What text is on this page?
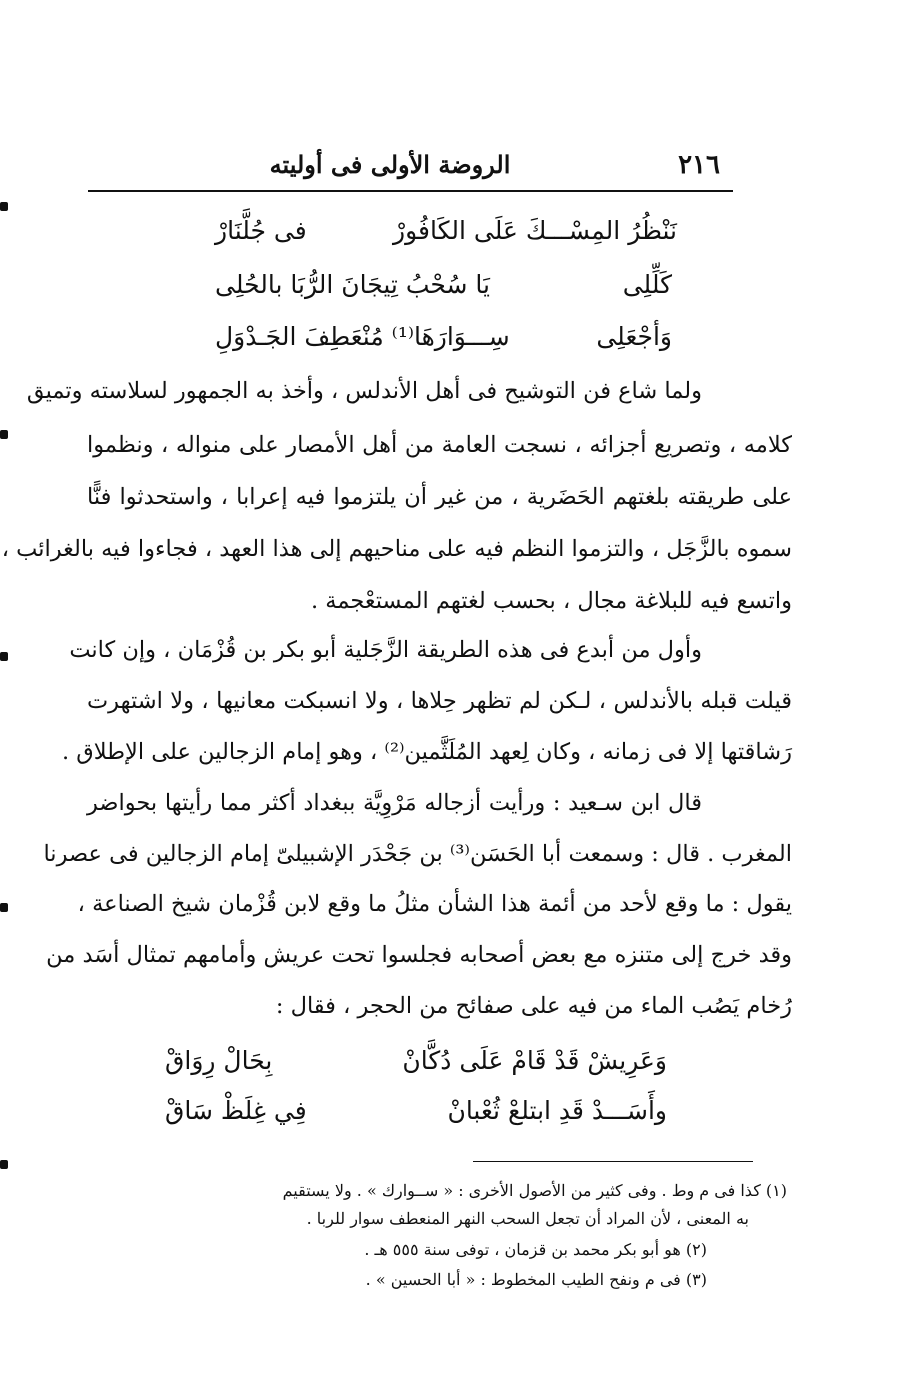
٢١٦
الروضة الأولى فى أوليته
نَنْظُرُ المِسْـــكَ عَلَى الكَافُورْ
فى جُلَّنَارْ
كَلِّلِى
يَا سُحْبُ تِيجَانَ الرُّبَا بالحُلِى
وَأجْعَلِى
سِـــوَارَهَا⁽¹⁾ مُنْعَطِفَ الجَـدْوَلِ
ولما شاع فن التوشيح فى أهل الأندلس ، وأخذ به الجمهور لسلاسته وتميق
كلامه ، وتصريع أجزائه ، نسجت العامة من أهل الأمصار على منواله ، ونظموا
على طريقته بلغتهم الحَضَرية ، من غير أن يلتزموا فيه إعرابا ، واستحدثوا فنًّا
سموه بالزَّجَل ، والتزموا النظم فيه على مناحيهم إلى هذا العهد ، فجاءوا فيه بالغرائب ،
واتسع فيه للبلاغة مجال ، بحسب لغتهم المستعْجمة .
وأول من أبدع فى هذه الطريقة الزَّجَلية أبو بكر بن قُزْمَان ، وإن كانت
قيلت قبله بالأندلس ، لـكن لم تظهر حِلاها ، ولا انسبكت معانيها ، ولا اشتهرت
رَشاقتها إلا فى زمانه ، وكان لِعهد المُلَثَّمين⁽²⁾ ، وهو إمام الزجالين على الإطلاق .
قال ابن سـعيد : ورأيت أزجاله مَرْوِيَّة ببغداد أكثر مما رأيتها بحواضر
المغرب . قال : وسمعت أبا الحَسَن⁽³⁾ بن جَحْدَر الإشبيلىّ إمام الزجالين فى عصرنا
يقول : ما وقع لأحد من أئمة هذا الشأن مثلُ ما وقع لابن قُزْمان شيخ الصناعة ،
وقد خرج إلى متنزه مع بعض أصحابه فجلسوا تحت عريش وأمامهم تمثال أسَد من
رُخام يَصُب الماء من فيه على صفائح من الحجر ، فقال :
وَعَرِيشْ قَدْ قَامْ عَلَى دُكَّانْ
بِحَالْ رِوَاقْ
وأَسَـــدْ قَدِ ابتلعْ ثُعْبانْ
فِي غِلَظْ سَاقْ
(١) كذا فى م وط . وفى كثير من الأصول الأخرى : « ســوارك » . ولا يستقيم
به المعنى ، لأن المراد أن تجعل السحب النهر المنعطف سوار للربا .
(٢) هو أبو بكر محمد بن قزمان ، توفى سنة ٥٥٥ هـ .
(٣) فى م ونفح الطيب المخطوط : « أبا الحسين » .
